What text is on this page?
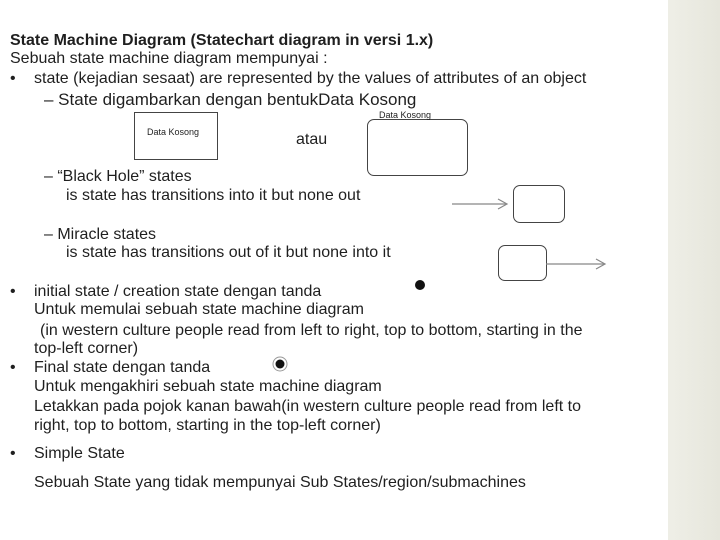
State Machine Diagram (Statechart diagram in versi 1.x)
Sebuah state machine diagram mempunyai :
• state (kejadian sesaat) are represented by the values of attributes of an object
– State digambarkan dengan bentukData Kosong
Data Kosong	atau
Data Kosong
– “Black Hole” states
is state has transitions into it but none out
– Miracle states
is state has transitions out of it but none into it
• initial state / creation state dengan tanda
Untuk memulai sebuah state machine diagram
(in western culture people read from left to right, top to bottom, starting in the
top-left corner)
• Final state dengan tanda
Untuk mengakhiri sebuah state machine diagram
Letakkan pada pojok kanan bawah(in western culture people read from left to
right, top to bottom, starting in the top-left corner)
• Simple State
Sebuah State yang tidak mempunyai Sub States/region/submachines
